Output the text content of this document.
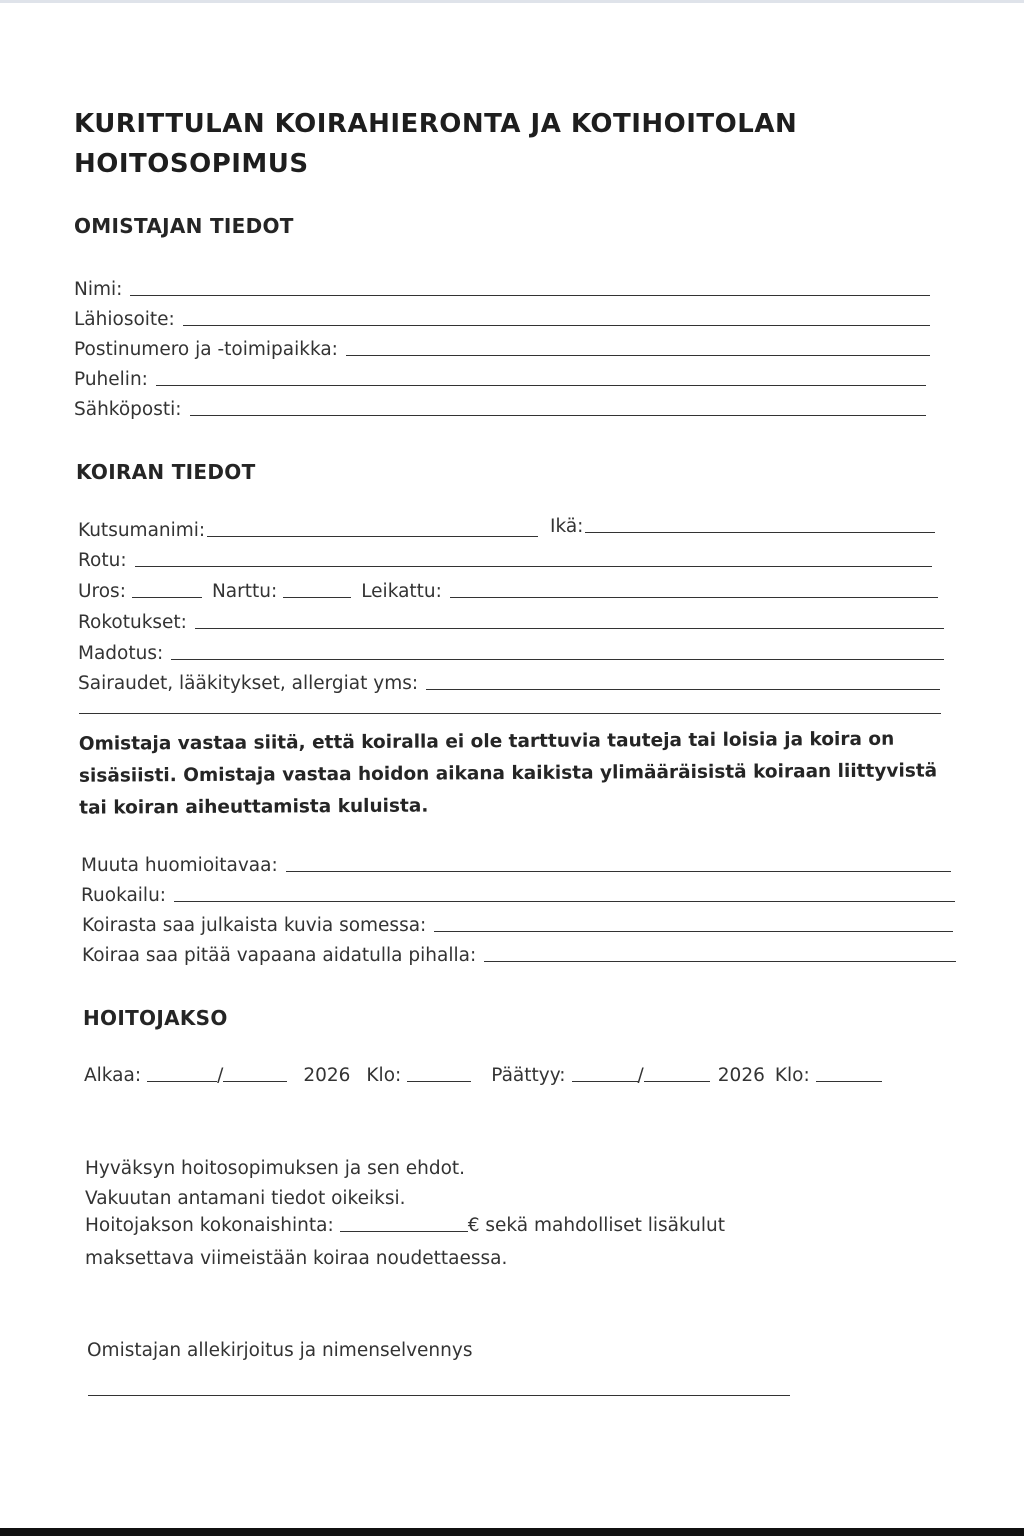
KURITTULAN KOIRAHIERONTA JA KOTIHOITOLAN
HOITOSOPIMUS
OMISTAJAN TIEDOT
Nimi:
Lähiosoite:
Postinumero ja -toimipaikka:
Puhelin:
Sähköposti:
KOIRAN TIEDOT
Kutsumanimi:	Ikä:
Rotu:
Uros:	Narttu:	Leikattu:
Rokotukset:
Madotus:
Sairaudet, lääkitykset, allergiat yms:
Omistaja vastaa siitä, että koiralla ei ole tarttuvia tauteja tai loisia ja koira on sisäsiisti. Omistaja vastaa hoidon aikana kaikista ylimääräisistä koiraan liittyvistä tai koiran aiheuttamista kuluista.
Muuta huomioitavaa:
Ruokailu:
Koirasta saa julkaista kuvia somessa:
Koiraa saa pitää vapaana aidatulla pihalla:
HOITOJAKSO
Alkaa:	/	2026 Klo:	Päättyy:	/	2026 Klo:
Hyväksyn hoitosopimuksen ja sen ehdot.
Vakuutan antamani tiedot oikeiksi.
Hoitojakson kokonaishinta:	€ sekä mahdolliset lisäkulut
maksettava viimeistään koiraa noudettaessa.
Omistajan allekirjoitus ja nimenselvennys
